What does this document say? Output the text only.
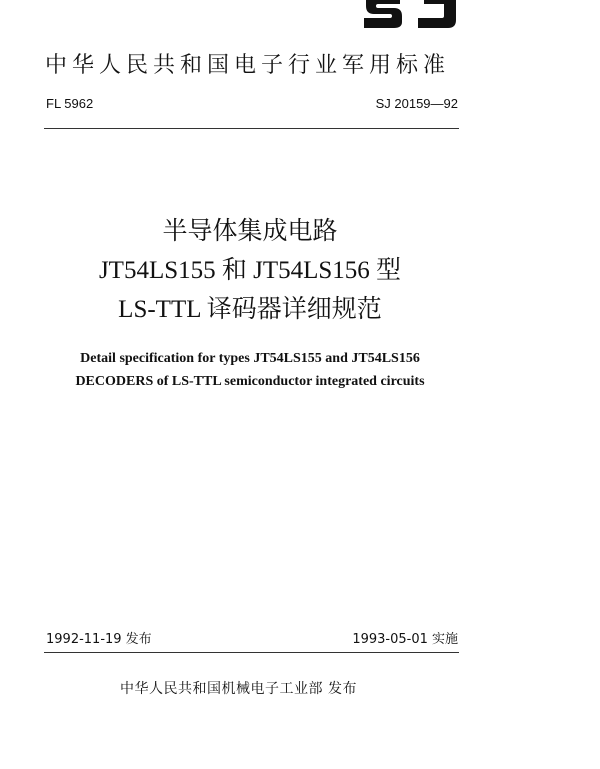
中华人民共和国电子行业军用标准
FL 5962	SJ 20159—92
半导体集成电路
JT54LS155 和 JT54LS156 型
LS-TTL 译码器详细规范
Detail specification for types JT54LS155 and JT54LS156
DECODERS of LS-TTL semiconductor integrated circuits
1992-11-19 发布	1993-05-01 实施
中华人民共和国机械电子工业部 发布
